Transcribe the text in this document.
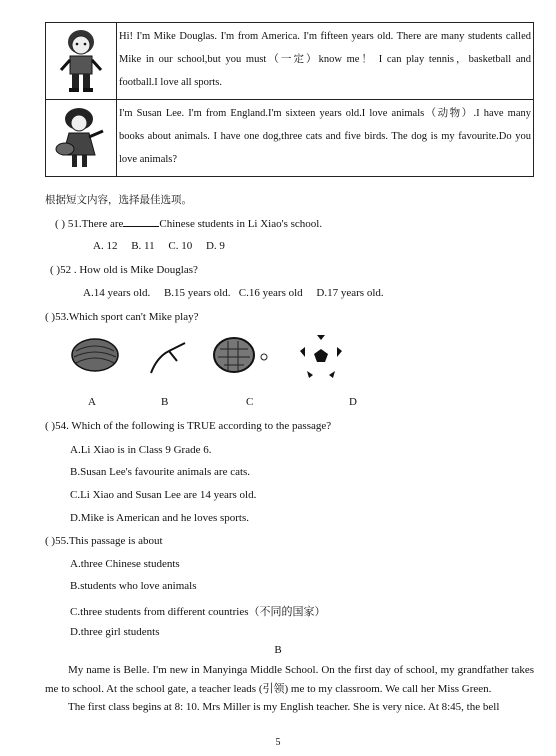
	Hi! I'm Mike Douglas. I'm from America. I'm fifteen years old. There are many students called Mike in our school,but you must（一定）know me！ I can play tennis，basketball and football.I love all sports.

	I'm Susan Lee. I'm from England.I'm sixteen years old.I love animals（动物）.I have many books about animals. I have one dog,three cats and five birds. The dog is my favourite.Do you love animals?
根据短文内容，选择最佳选项。
( ) 51.There are	Chinese students in Li Xiao's school.
A. 12     B. 11     C. 10     D. 9
( )52 . How old is Mike Douglas?
A.14 years old.     B.15 years old.   C.16 years old     D.17 years old.
( )53.Which sport can't Mike play?
A	B	C	D
( )54. Which of the following is TRUE according to the passage?
A.Li Xiao is in Class 9 Grade 6.
B.Susan Lee's favourite animals are cats.
C.Li Xiao and Susan Lee are 14 years old.
D.Mike is American and he loves sports.
( )55.This passage is about
A.three Chinese students
B.students who love animals
C.three students from different countries（不同的国家）
D.three girl students
B

My name is Belle. I'm new in Manyinga Middle School. On the first day of school, my grandfather takes me to school. At the school gate, a teacher leads (引领) me to my classroom. We call her Miss Green.

The first class begins at 8: 10. Mrs Miller is my English teacher. She is very nice. At 8:45, the bell

5
